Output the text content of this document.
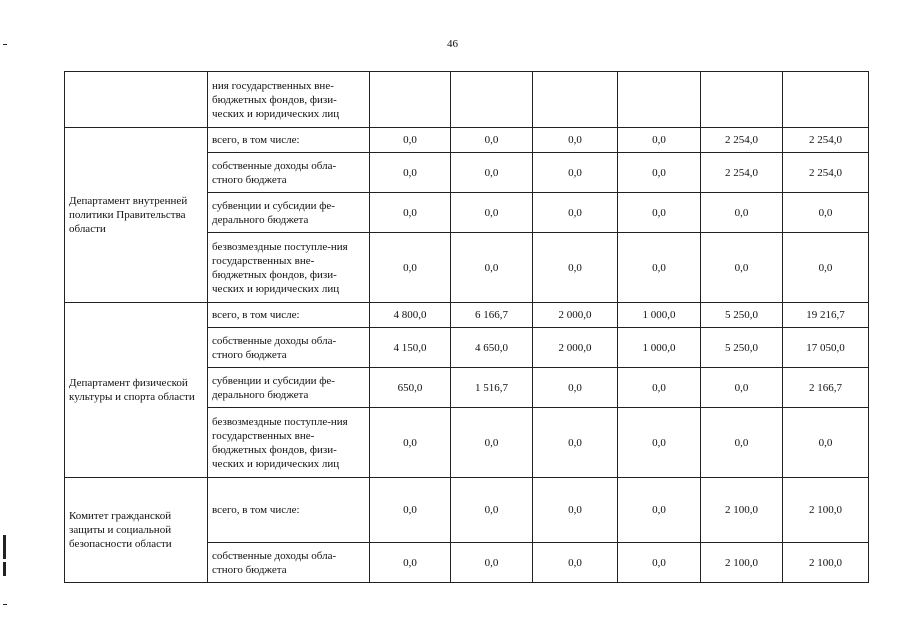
46
	ния государственных вне-бюджетных фондов, физи-ческих и юридических лиц						
Департамент внутренней политики Правительства области	всего, в том числе:	0,0	0,0	0,0	0,0	2 254,0	2 254,0
	собственные доходы обла-стного бюджета	0,0	0,0	0,0	0,0	2 254,0	2 254,0
	субвенции и субсидии фе-дерального бюджета	0,0	0,0	0,0	0,0	0,0	0,0
	безвозмездные поступле-ния государственных вне-бюджетных фондов, физи-ческих и юридических лиц	0,0	0,0	0,0	0,0	0,0	0,0
Департамент физической культуры и спорта области	всего, в том числе:	4 800,0	6 166,7	2 000,0	1 000,0	5 250,0	19 216,7
	собственные доходы обла-стного бюджета	4 150,0	4 650,0	2 000,0	1 000,0	5 250,0	17 050,0
	субвенции и субсидии фе-дерального бюджета	650,0	1 516,7	0,0	0,0	0,0	2 166,7
	безвозмездные поступле-ния государственных вне-бюджетных фондов, физи-ческих и юридических лиц	0,0	0,0	0,0	0,0	0,0	0,0
Комитет гражданской защиты и социальной безопасности области	всего, в том числе:	0,0	0,0	0,0	0,0	2 100,0	2 100,0
	собственные доходы обла-стного бюджета	0,0	0,0	0,0	0,0	2 100,0	2 100,0
